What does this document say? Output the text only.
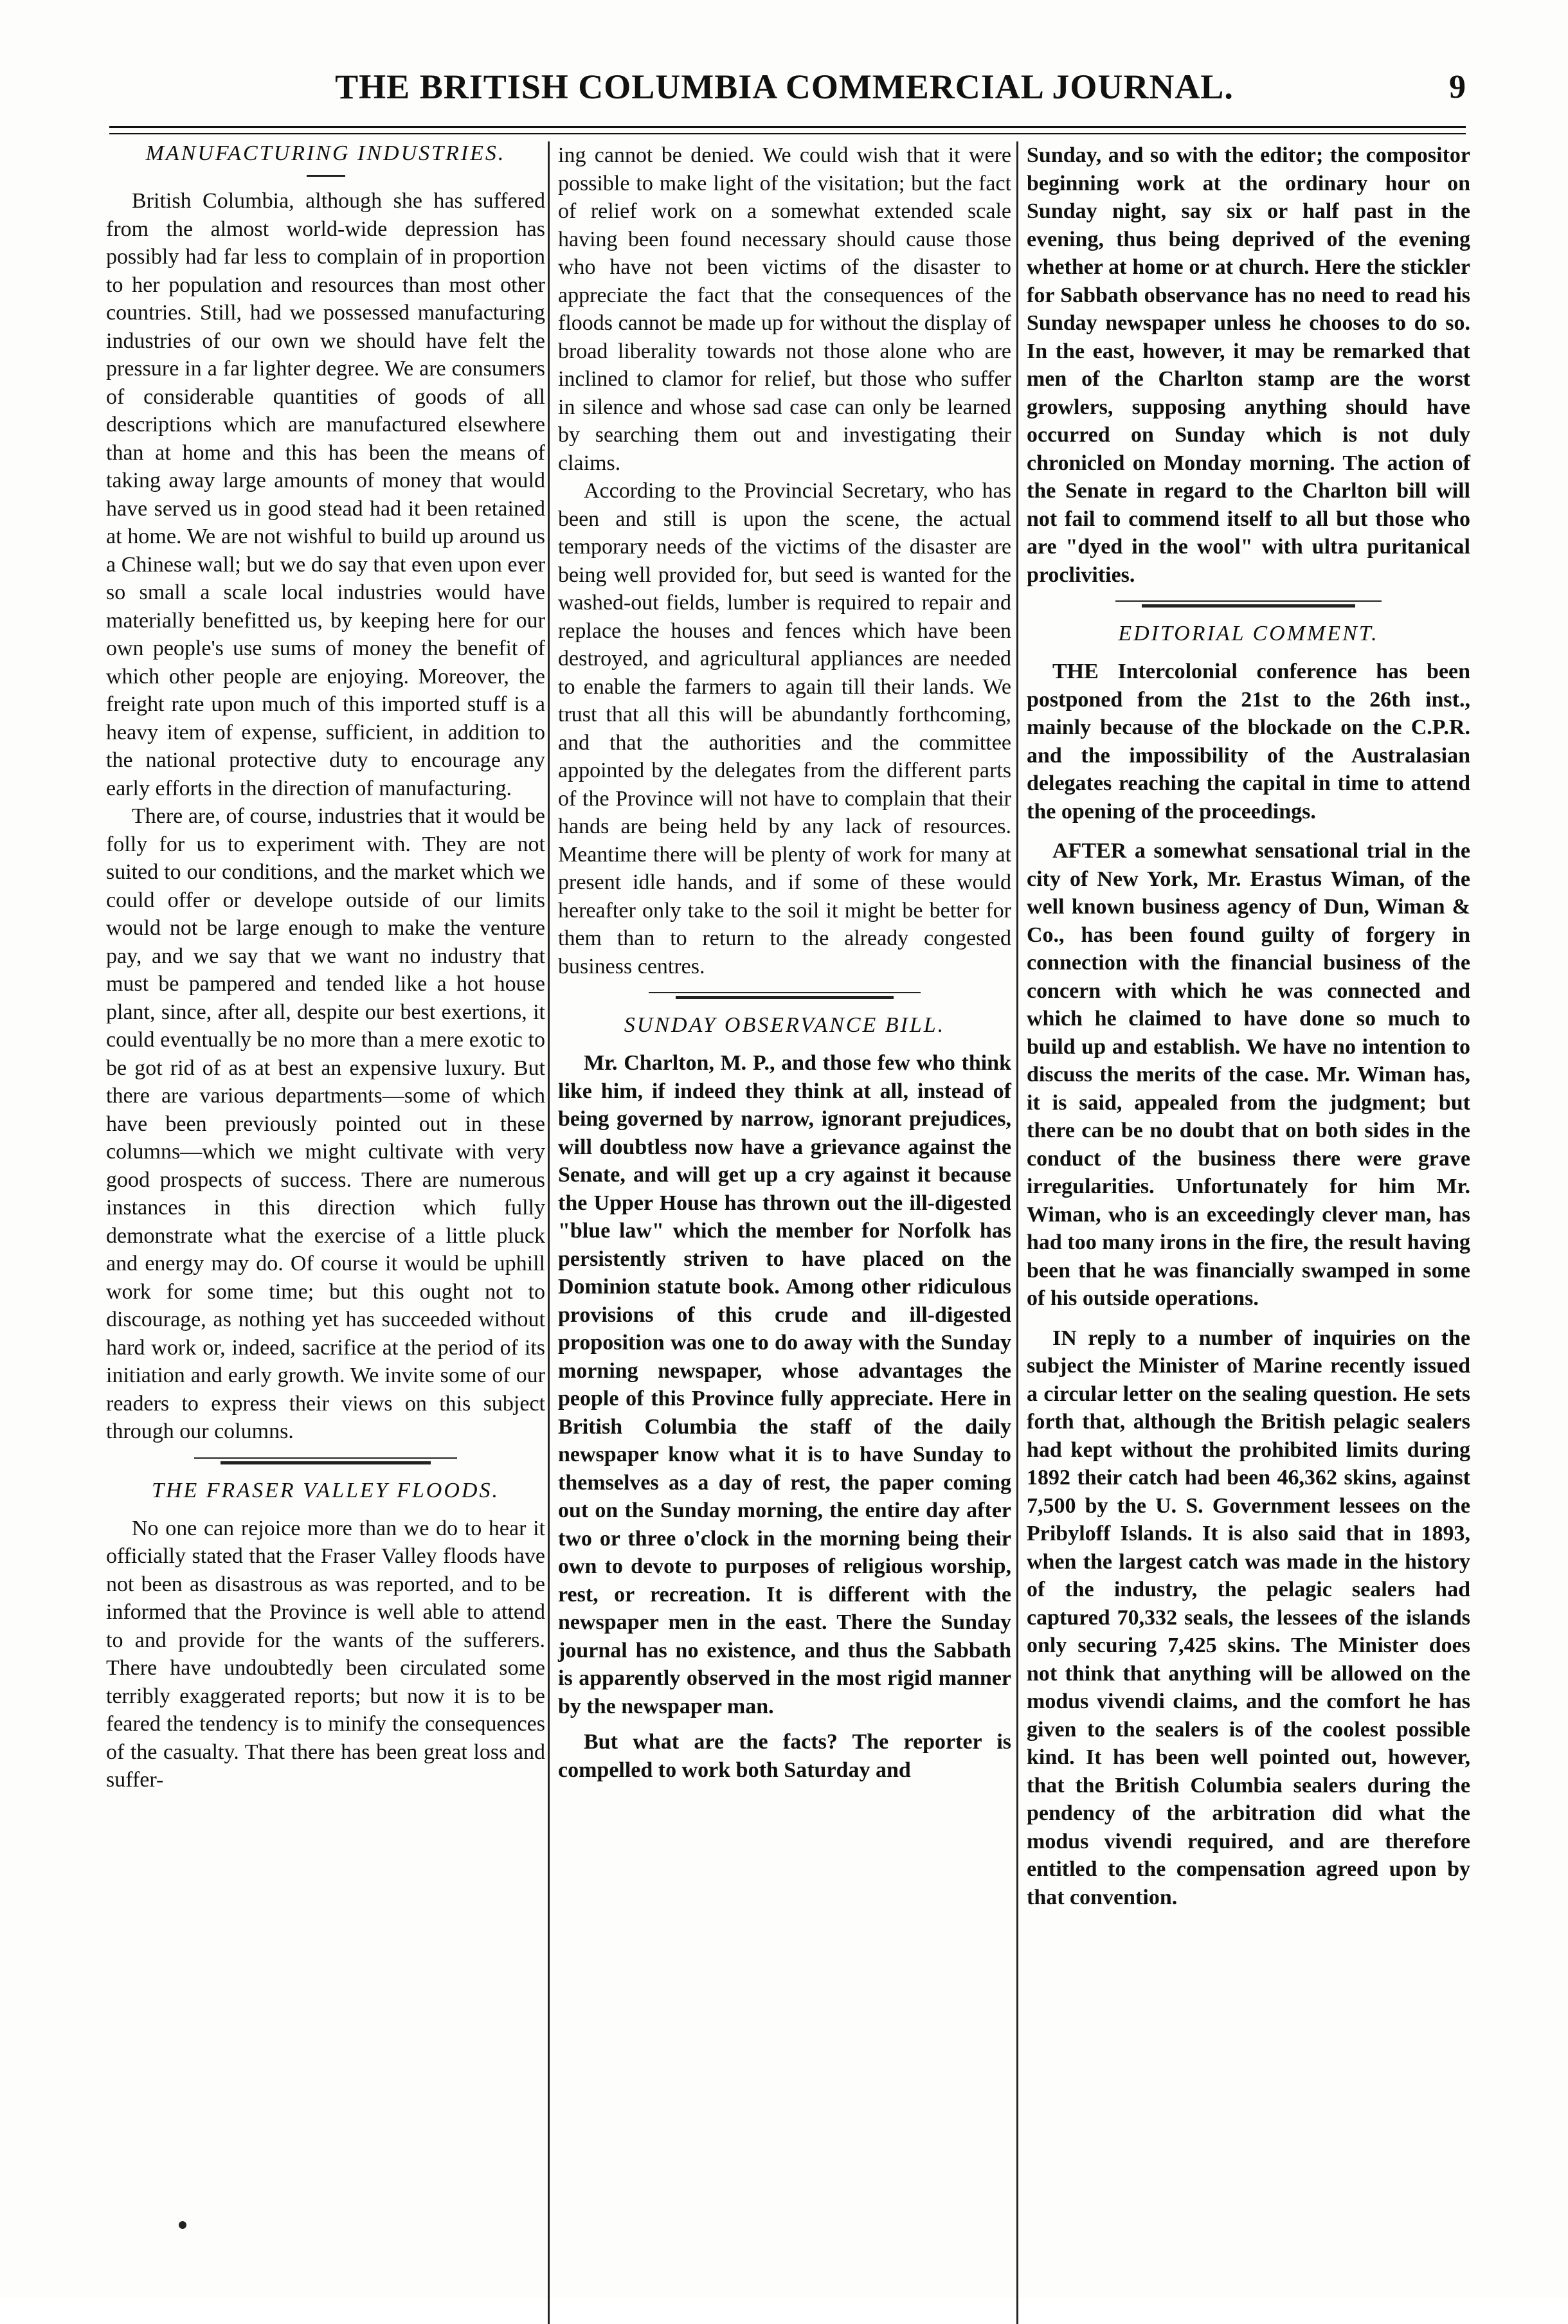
THE BRITISH COLUMBIA COMMERCIAL JOURNAL.	9
MANUFACTURING INDUSTRIES.

British Columbia, although she has suffered from the almost world-wide depression has possibly had far less to complain of in proportion to her population and resources than most other countries. Still, had we possessed manufacturing industries of our own we should have felt the pressure in a far lighter degree. We are consumers of considerable quantities of goods of all descriptions which are manufactured elsewhere than at home and this has been the means of taking away large amounts of money that would have served us in good stead had it been retained at home. We are not wishful to build up around us a Chinese wall; but we do say that even upon ever so small a scale local industries would have materially benefitted us, by keeping here for our own people's use sums of money the benefit of which other people are enjoying. Moreover, the freight rate upon much of this imported stuff is a heavy item of expense, sufficient, in addition to the national protective duty to encourage any early efforts in the direction of manufacturing.

There are, of course, industries that it would be folly for us to experiment with. They are not suited to our conditions, and the market which we could offer or develope outside of our limits would not be large enough to make the venture pay, and we say that we want no industry that must be pampered and tended like a hot house plant, since, after all, despite our best exertions, it could eventually be no more than a mere exotic to be got rid of as at best an expensive luxury. But there are various departments—some of which have been previously pointed out in these columns—which we might cultivate with very good prospects of success. There are numerous instances in this direction which fully demonstrate what the exercise of a little pluck and energy may do. Of course it would be uphill work for some time; but this ought not to discourage, as nothing yet has succeeded without hard work or, indeed, sacrifice at the period of its initiation and early growth. We invite some of our readers to express their views on this subject through our columns.

THE FRASER VALLEY FLOODS.

No one can rejoice more than we do to hear it officially stated that the Fraser Valley floods have not been as disastrous as was reported, and to be informed that the Province is well able to attend to and provide for the wants of the sufferers. There have undoubtedly been circulated some terribly exaggerated reports; but now it is to be feared the tendency is to minify the consequences of the casualty. That there has been great loss and suffer-

ing cannot be denied. We could wish that it were possible to make light of the visitation; but the fact of relief work on a somewhat extended scale having been found necessary should cause those who have not been victims of the disaster to appreciate the fact that the consequences of the floods cannot be made up for without the display of broad liberality towards not those alone who are inclined to clamor for relief, but those who suffer in silence and whose sad case can only be learned by searching them out and investigating their claims.

According to the Provincial Secretary, who has been and still is upon the scene, the actual temporary needs of the victims of the disaster are being well provided for, but seed is wanted for the washed-out fields, lumber is required to repair and replace the houses and fences which have been destroyed, and agricultural appliances are needed to enable the farmers to again till their lands. We trust that all this will be abundantly forthcoming, and that the authorities and the committee appointed by the delegates from the different parts of the Province will not have to complain that their hands are being held by any lack of resources. Meantime there will be plenty of work for many at present idle hands, and if some of these would hereafter only take to the soil it might be better for them than to return to the already congested business centres.

SUNDAY OBSERVANCE BILL.

Mr. Charlton, M. P., and those few who think like him, if indeed they think at all, instead of being governed by narrow, ignorant prejudices, will doubtless now have a grievance against the Senate, and will get up a cry against it because the Upper House has thrown out the ill-digested "blue law" which the member for Norfolk has persistently striven to have placed on the Dominion statute book. Among other ridiculous provisions of this crude and ill-digested proposition was one to do away with the Sunday morning newspaper, whose advantages the people of this Province fully appreciate. Here in British Columbia the staff of the daily newspaper know what it is to have Sunday to themselves as a day of rest, the paper coming out on the Sunday morning, the entire day after two or three o'clock in the morning being their own to devote to purposes of religious worship, rest, or recreation. It is different with the newspaper men in the east. There the Sunday journal has no existence, and thus the Sabbath is apparently observed in the most rigid manner by the newspaper man.

But what are the facts? The reporter is compelled to work both Saturday and

Sunday, and so with the editor; the compositor beginning work at the ordinary hour on Sunday night, say six or half past in the evening, thus being deprived of the evening whether at home or at church. Here the stickler for Sabbath observance has no need to read his Sunday newspaper unless he chooses to do so. In the east, however, it may be remarked that men of the Charlton stamp are the worst growlers, supposing anything should have occurred on Sunday which is not duly chronicled on Monday morning. The action of the Senate in regard to the Charlton bill will not fail to commend itself to all but those who are "dyed in the wool" with ultra puritanical proclivities.

EDITORIAL COMMENT.

THE Intercolonial conference has been postponed from the 21st to the 26th inst., mainly because of the blockade on the C.P.R. and the impossibility of the Australasian delegates reaching the capital in time to attend the opening of the proceedings.

AFTER a somewhat sensational trial in the city of New York, Mr. Erastus Wiman, of the well known business agency of Dun, Wiman & Co., has been found guilty of forgery in connection with the financial business of the concern with which he was connected and which he claimed to have done so much to build up and establish. We have no intention to discuss the merits of the case. Mr. Wiman has, it is said, appealed from the judgment; but there can be no doubt that on both sides in the conduct of the business there were grave irregularities. Unfortunately for him Mr. Wiman, who is an exceedingly clever man, has had too many irons in the fire, the result having been that he was financially swamped in some of his outside operations.

IN reply to a number of inquiries on the subject the Minister of Marine recently issued a circular letter on the sealing question. He sets forth that, although the British pelagic sealers had kept without the prohibited limits during 1892 their catch had been 46,362 skins, against 7,500 by the U. S. Government lessees on the Pribyloff Islands. It is also said that in 1893, when the largest catch was made in the history of the industry, the pelagic sealers had captured 70,332 seals, the lessees of the islands only securing 7,425 skins. The Minister does not think that anything will be allowed on the modus vivendi claims, and the comfort he has given to the sealers is of the coolest possible kind. It has been well pointed out, however, that the British Columbia sealers during the pendency of the arbitration did what the modus vivendi required, and are therefore entitled to the compensation agreed upon by that convention.
